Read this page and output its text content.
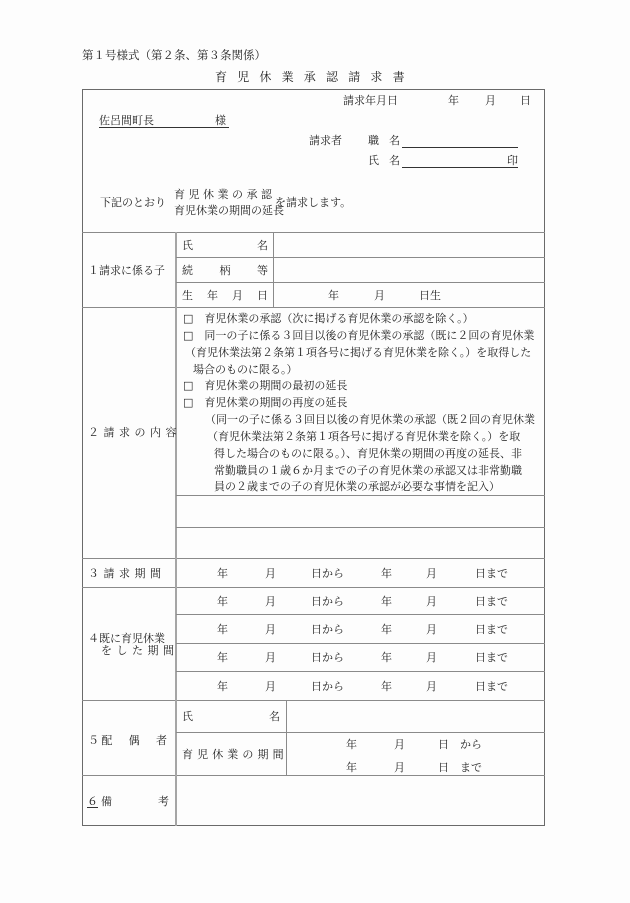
第１号様式（第２条、第３条関係）
育児休業承認請求書
請求年月日	年 月 日
佐呂間町長	様
請求者 職 名
氏 名	印
下記のとおり
育 児 休 業 の 承 認
育児休業の期間の延長
を請求します。
１請求に係る子
氏	名
続 柄 等
生 年 月 日	年	月	日生
２ 請 求 の 内 容
□　育児休業の承認（次に掲げる育児休業の承認を除く。）
□　同一の子に係る３回目以後の育児休業の承認（既に２回の育児休業
（育児休業法第２条第１項各号に掲げる育児休業を除く。）を取得した
場合のものに限る。）
□　育児休業の期間の最初の延長
□　育児休業の期間の再度の延長
（同一の子に係る３回目以後の育児休業の承認（既２回の育児休業
（育児休業法第２条第１項各号に掲げる育児休業を除く。）を取
得した場合のものに限る。）、育児休業の期間の再度の延長、非
常勤職員の１歳６か月までの子の育児休業の承認又は非常勤職
員の２歳までの子の育児休業の承認が必要な事情を記入）
３ 請 求 期 間	年	月	日から	年	月	日まで
４既に育児休業
を し た 期 間
年	月	日から	年	月	日まで
年	月	日から	年	月	日まで
年	月	日から	年	月	日まで
年	月	日から	年	月	日まで
５ 配 偶 者
氏	名
育 児 休 業 の 期 間
年	月	日 から
年	月	日 まで
６ 備	考
